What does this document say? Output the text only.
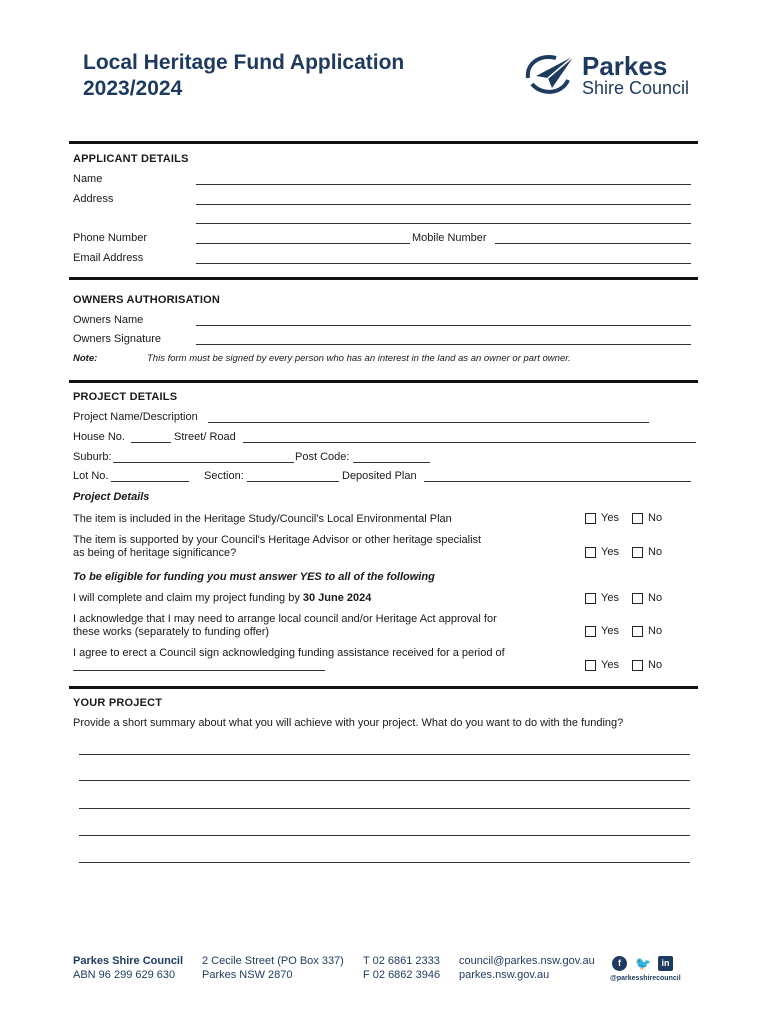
Local Heritage Fund Application
2023/2024
Parkes
Shire Council
APPLICANT DETAILS
Name
Address
Phone Number	Mobile Number
Email Address
OWNERS AUTHORISATION
Owners Name
Owners Signature
Note:	This form must be signed by every person who has an interest in the land as an owner or part owner.
PROJECT DETAILS
Project Name/Description
House No.	Street/ Road
Suburb:	Post Code:
Lot No.	Section:	Deposited Plan
Project Details
The item is included in the Heritage Study/Council's Local Environmental Plan	Yes	No
The item is supported by your Council's Heritage Advisor or other heritage specialist
as being of heritage significance?	Yes	No
To be eligible for funding you must answer YES to all of the following
I will complete and claim my project funding by 30 June 2024	Yes	No
I acknowledge that I may need to arrange local council and/or Heritage Act approval for
these works (separately to funding offer)	Yes	No
I agree to erect a Council sign acknowledging funding assistance received for a period of
Yes	No
YOUR PROJECT
Provide a short summary about what you will achieve with your project. What do you want to do with the funding?
Parkes Shire Council
ABN 96 299 629 630
2 Cecile Street (PO Box 337)
Parkes NSW 2870
T 02 6861 2333
F 02 6862 3946
council@parkes.nsw.gov.au
parkes.nsw.gov.au
f	🐦	in
@parkesshirecouncil
